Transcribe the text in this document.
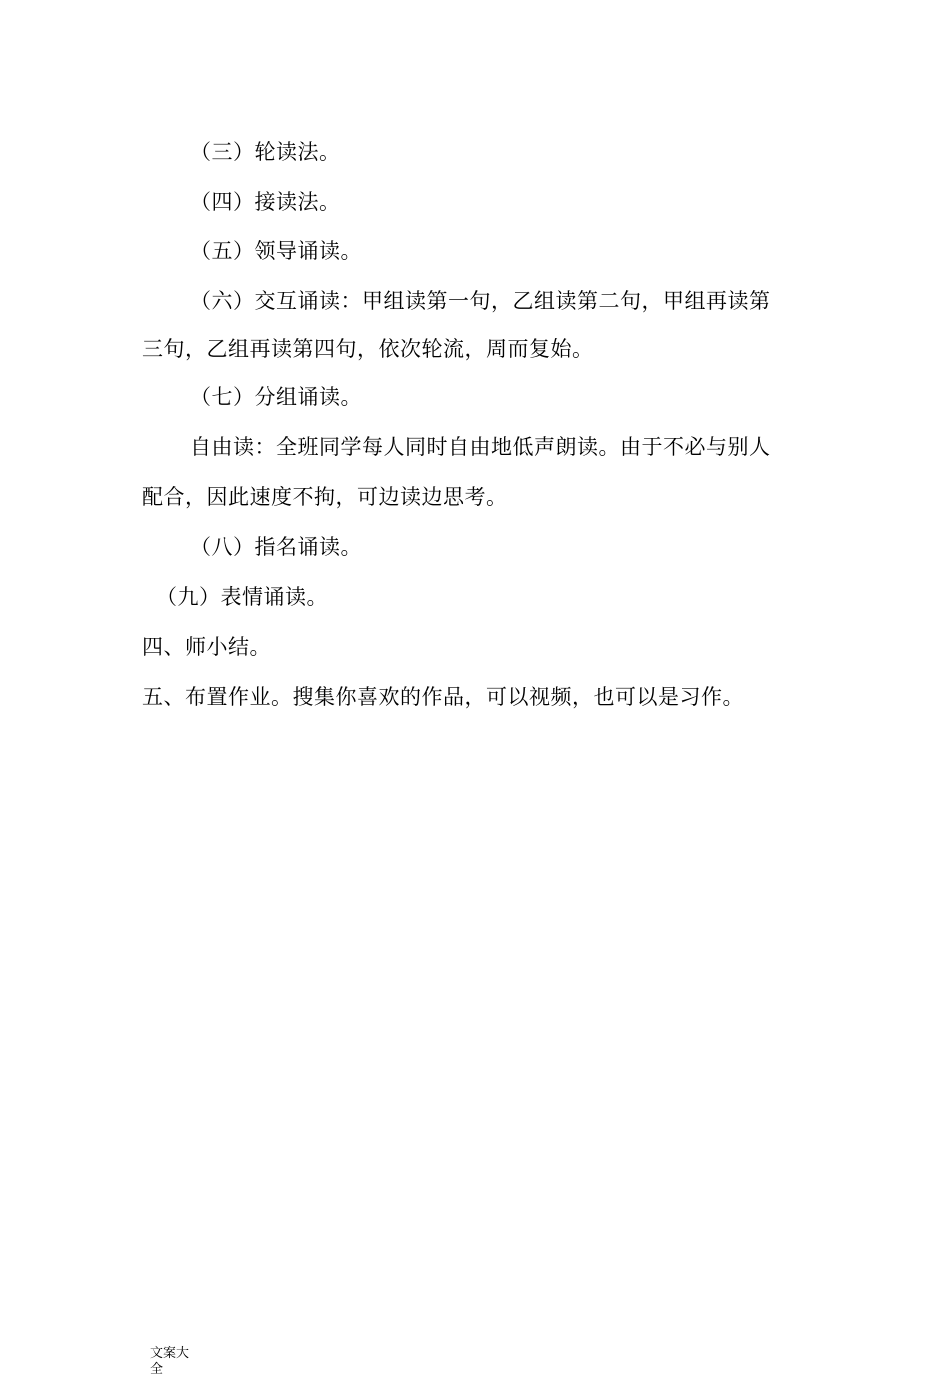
（三）轮读法。
（四）接读法。
（五）领导诵读。
（六）交互诵读：甲组读第一句，乙组读第二句，甲组再读第
三句，乙组再读第四句，依次轮流，周而复始。
（七）分组诵读。
自由读：全班同学每人同时自由地低声朗读。由于不必与别人
配合，因此速度不拘，可边读边思考。
（八）指名诵读。
（九）表情诵读。
四、师小结。
五、布置作业。搜集你喜欢的作品，可以视频，也可以是习作。
文案大全
